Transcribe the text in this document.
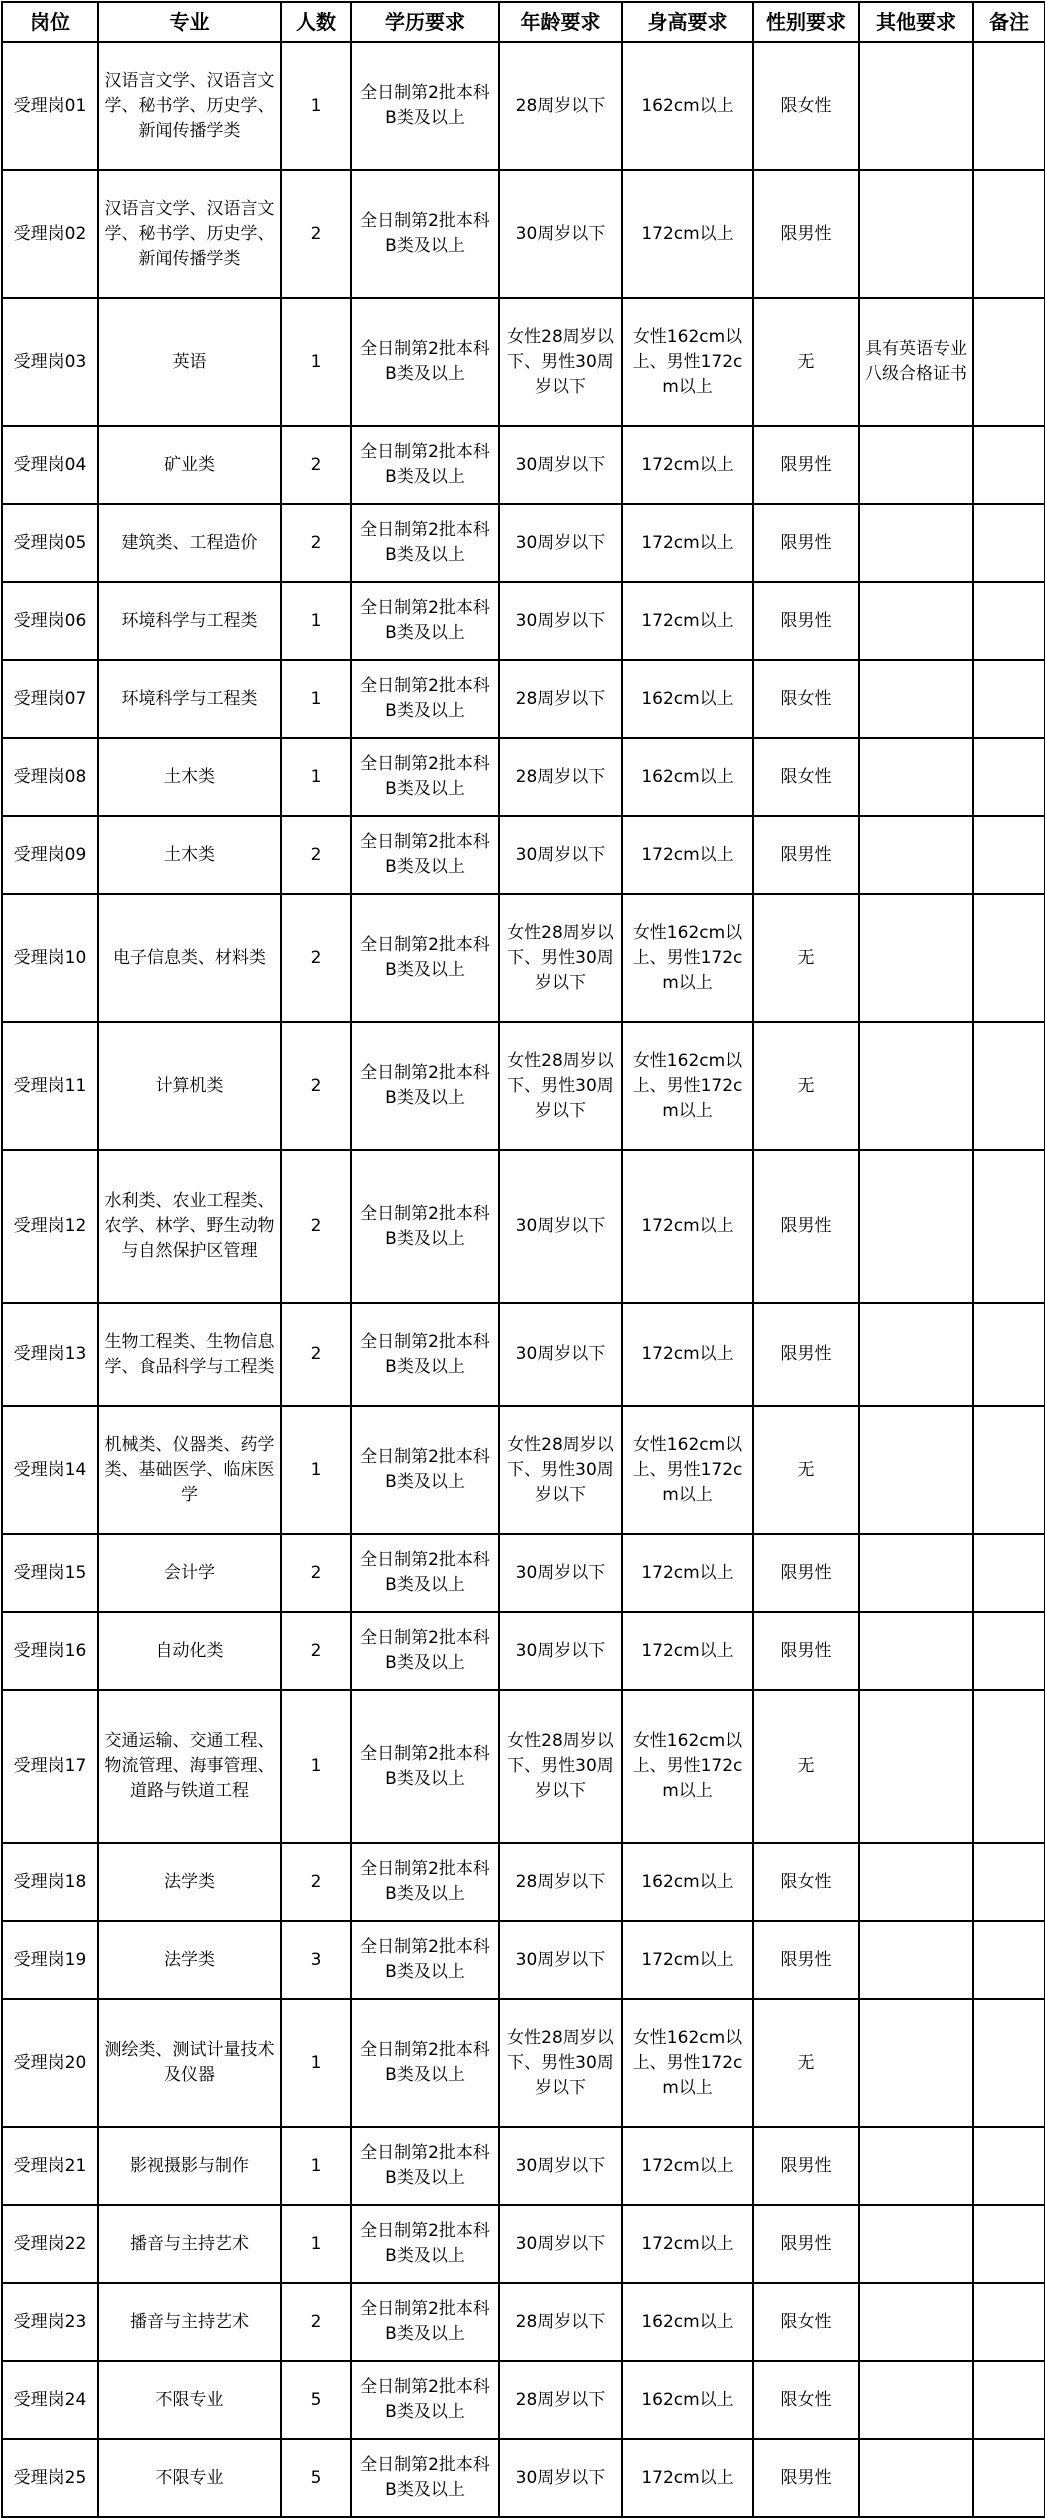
岗位	专业	人数	学历要求	年龄要求	身高要求	性别要求	其他要求	备注
受理岗01	汉语言文学、汉语言文学、秘书学、历史学、新闻传播学类	1	全日制第2批本科B类及以上	28周岁以下	162cm以上	限女性		
受理岗02	汉语言文学、汉语言文学、秘书学、历史学、新闻传播学类	2	全日制第2批本科B类及以上	30周岁以下	172cm以上	限男性		
受理岗03	英语	1	全日制第2批本科B类及以上	女性28周岁以下、男性30周岁以下	女性162cm以上、男性172cm以上	无	具有英语专业八级合格证书	
受理岗04	矿业类	2	全日制第2批本科B类及以上	30周岁以下	172cm以上	限男性		
受理岗05	建筑类、工程造价	2	全日制第2批本科B类及以上	30周岁以下	172cm以上	限男性		
受理岗06	环境科学与工程类	1	全日制第2批本科B类及以上	30周岁以下	172cm以上	限男性		
受理岗07	环境科学与工程类	1	全日制第2批本科B类及以上	28周岁以下	162cm以上	限女性		
受理岗08	土木类	1	全日制第2批本科B类及以上	28周岁以下	162cm以上	限女性		
受理岗09	土木类	2	全日制第2批本科B类及以上	30周岁以下	172cm以上	限男性		
受理岗10	电子信息类、材料类	2	全日制第2批本科B类及以上	女性28周岁以下、男性30周岁以下	女性162cm以上、男性172cm以上	无		
受理岗11	计算机类	2	全日制第2批本科B类及以上	女性28周岁以下、男性30周岁以下	女性162cm以上、男性172cm以上	无		
受理岗12	水利类、农业工程类、农学、林学、野生动物与自然保护区管理	2	全日制第2批本科B类及以上	30周岁以下	172cm以上	限男性		
受理岗13	生物工程类、生物信息学、食品科学与工程类	2	全日制第2批本科B类及以上	30周岁以下	172cm以上	限男性		
受理岗14	机械类、仪器类、药学类、基础医学、临床医学	1	全日制第2批本科B类及以上	女性28周岁以下、男性30周岁以下	女性162cm以上、男性172cm以上	无		
受理岗15	会计学	2	全日制第2批本科B类及以上	30周岁以下	172cm以上	限男性		
受理岗16	自动化类	2	全日制第2批本科B类及以上	30周岁以下	172cm以上	限男性		
受理岗17	交通运输、交通工程、物流管理、海事管理、道路与铁道工程	1	全日制第2批本科B类及以上	女性28周岁以下、男性30周岁以下	女性162cm以上、男性172cm以上	无		
受理岗18	法学类	2	全日制第2批本科B类及以上	28周岁以下	162cm以上	限女性		
受理岗19	法学类	3	全日制第2批本科B类及以上	30周岁以下	172cm以上	限男性		
受理岗20	测绘类、测试计量技术及仪器	1	全日制第2批本科B类及以上	女性28周岁以下、男性30周岁以下	女性162cm以上、男性172cm以上	无		
受理岗21	影视摄影与制作	1	全日制第2批本科B类及以上	30周岁以下	172cm以上	限男性		
受理岗22	播音与主持艺术	1	全日制第2批本科B类及以上	30周岁以下	172cm以上	限男性		
受理岗23	播音与主持艺术	2	全日制第2批本科B类及以上	28周岁以下	162cm以上	限女性		
受理岗24	不限专业	5	全日制第2批本科B类及以上	28周岁以下	162cm以上	限女性		
受理岗25	不限专业	5	全日制第2批本科B类及以上	30周岁以下	172cm以上	限男性		
